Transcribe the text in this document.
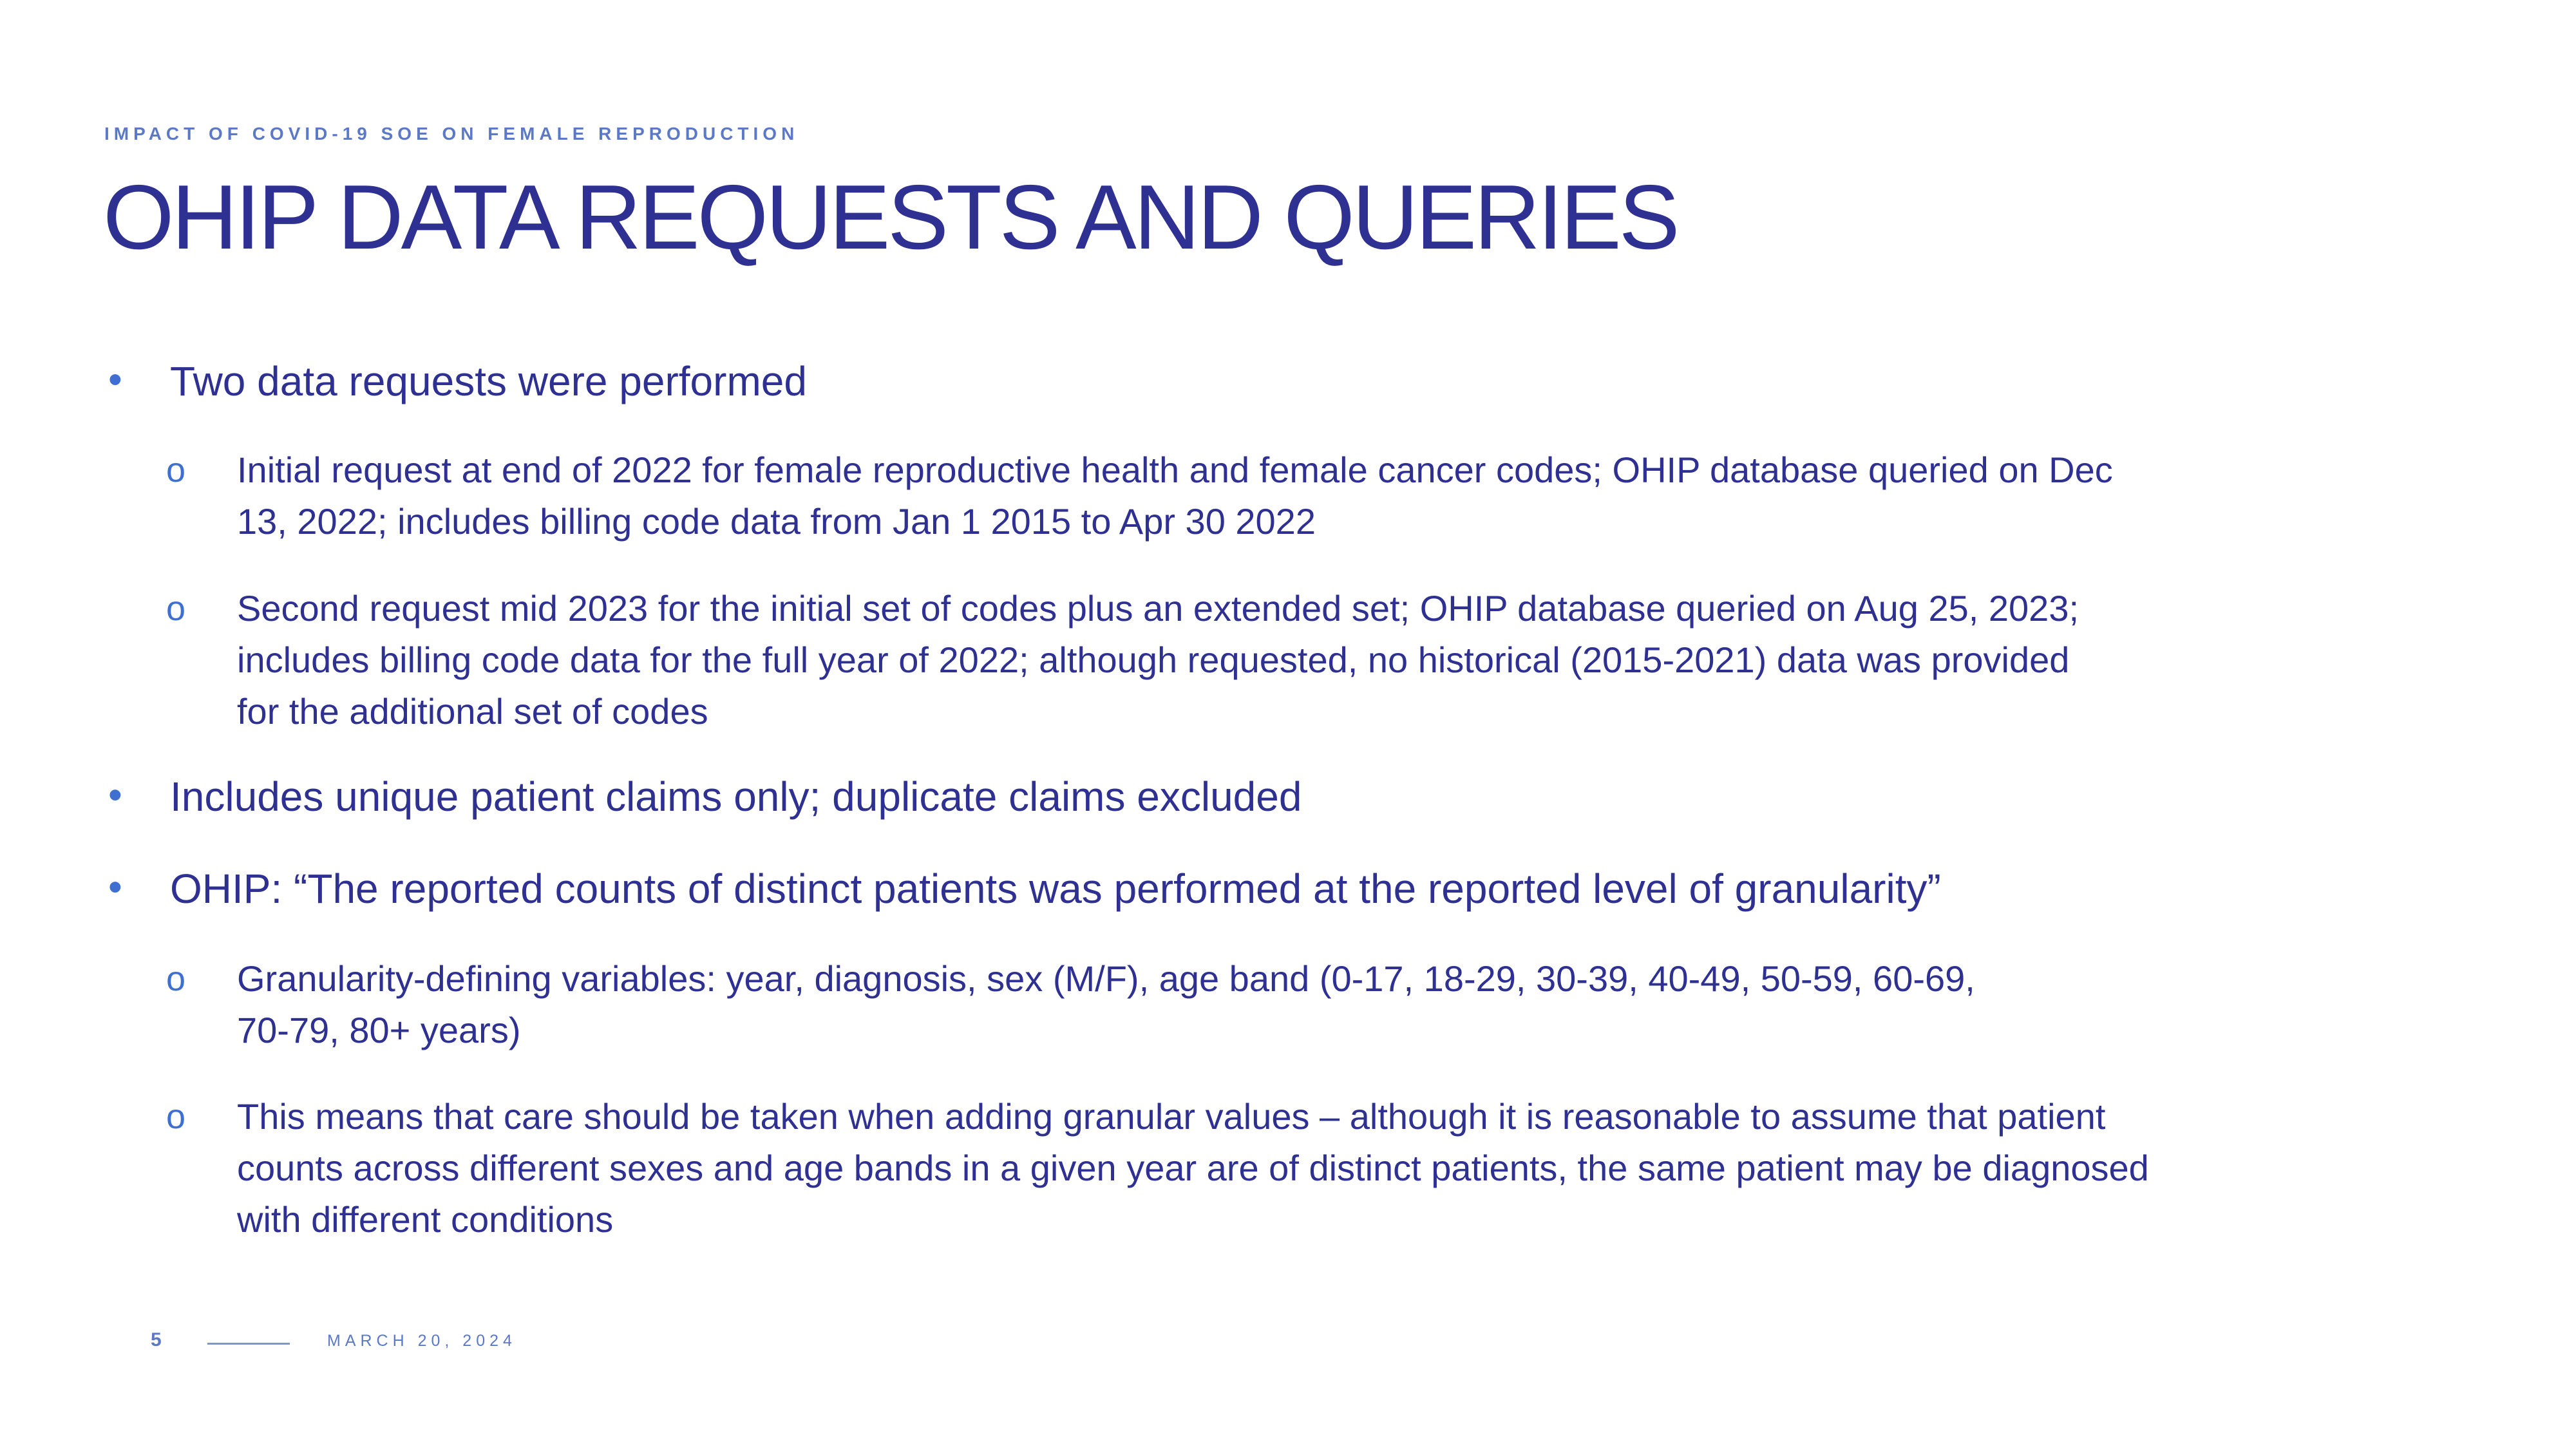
IMPACT OF COVID-19 SOE ON FEMALE REPRODUCTION
OHIP DATA REQUESTS AND QUERIES
• Two data requests were performed
o Initial request at end of 2022 for female reproductive health and female cancer codes; OHIP database queried on Dec
13, 2022; includes billing code data from Jan 1 2015 to Apr 30 2022
o Second request mid 2023 for the initial set of codes plus an extended set; OHIP database queried on Aug 25, 2023;
includes billing code data for the full year of 2022; although requested, no historical (2015-2021) data was provided
for the additional set of codes
• Includes unique patient claims only; duplicate claims excluded
• OHIP: “The reported counts of distinct patients was performed at the reported level of granularity”
o Granularity-defining variables: year, diagnosis, sex (M/F), age band (0-17, 18-29, 30-39, 40-49, 50-59, 60-69,
70-79, 80+ years)
o This means that care should be taken when adding granular values – although it is reasonable to assume that patient
counts across different sexes and age bands in a given year are of distinct patients, the same patient may be diagnosed
with different conditions
5	MARCH 20, 2024
